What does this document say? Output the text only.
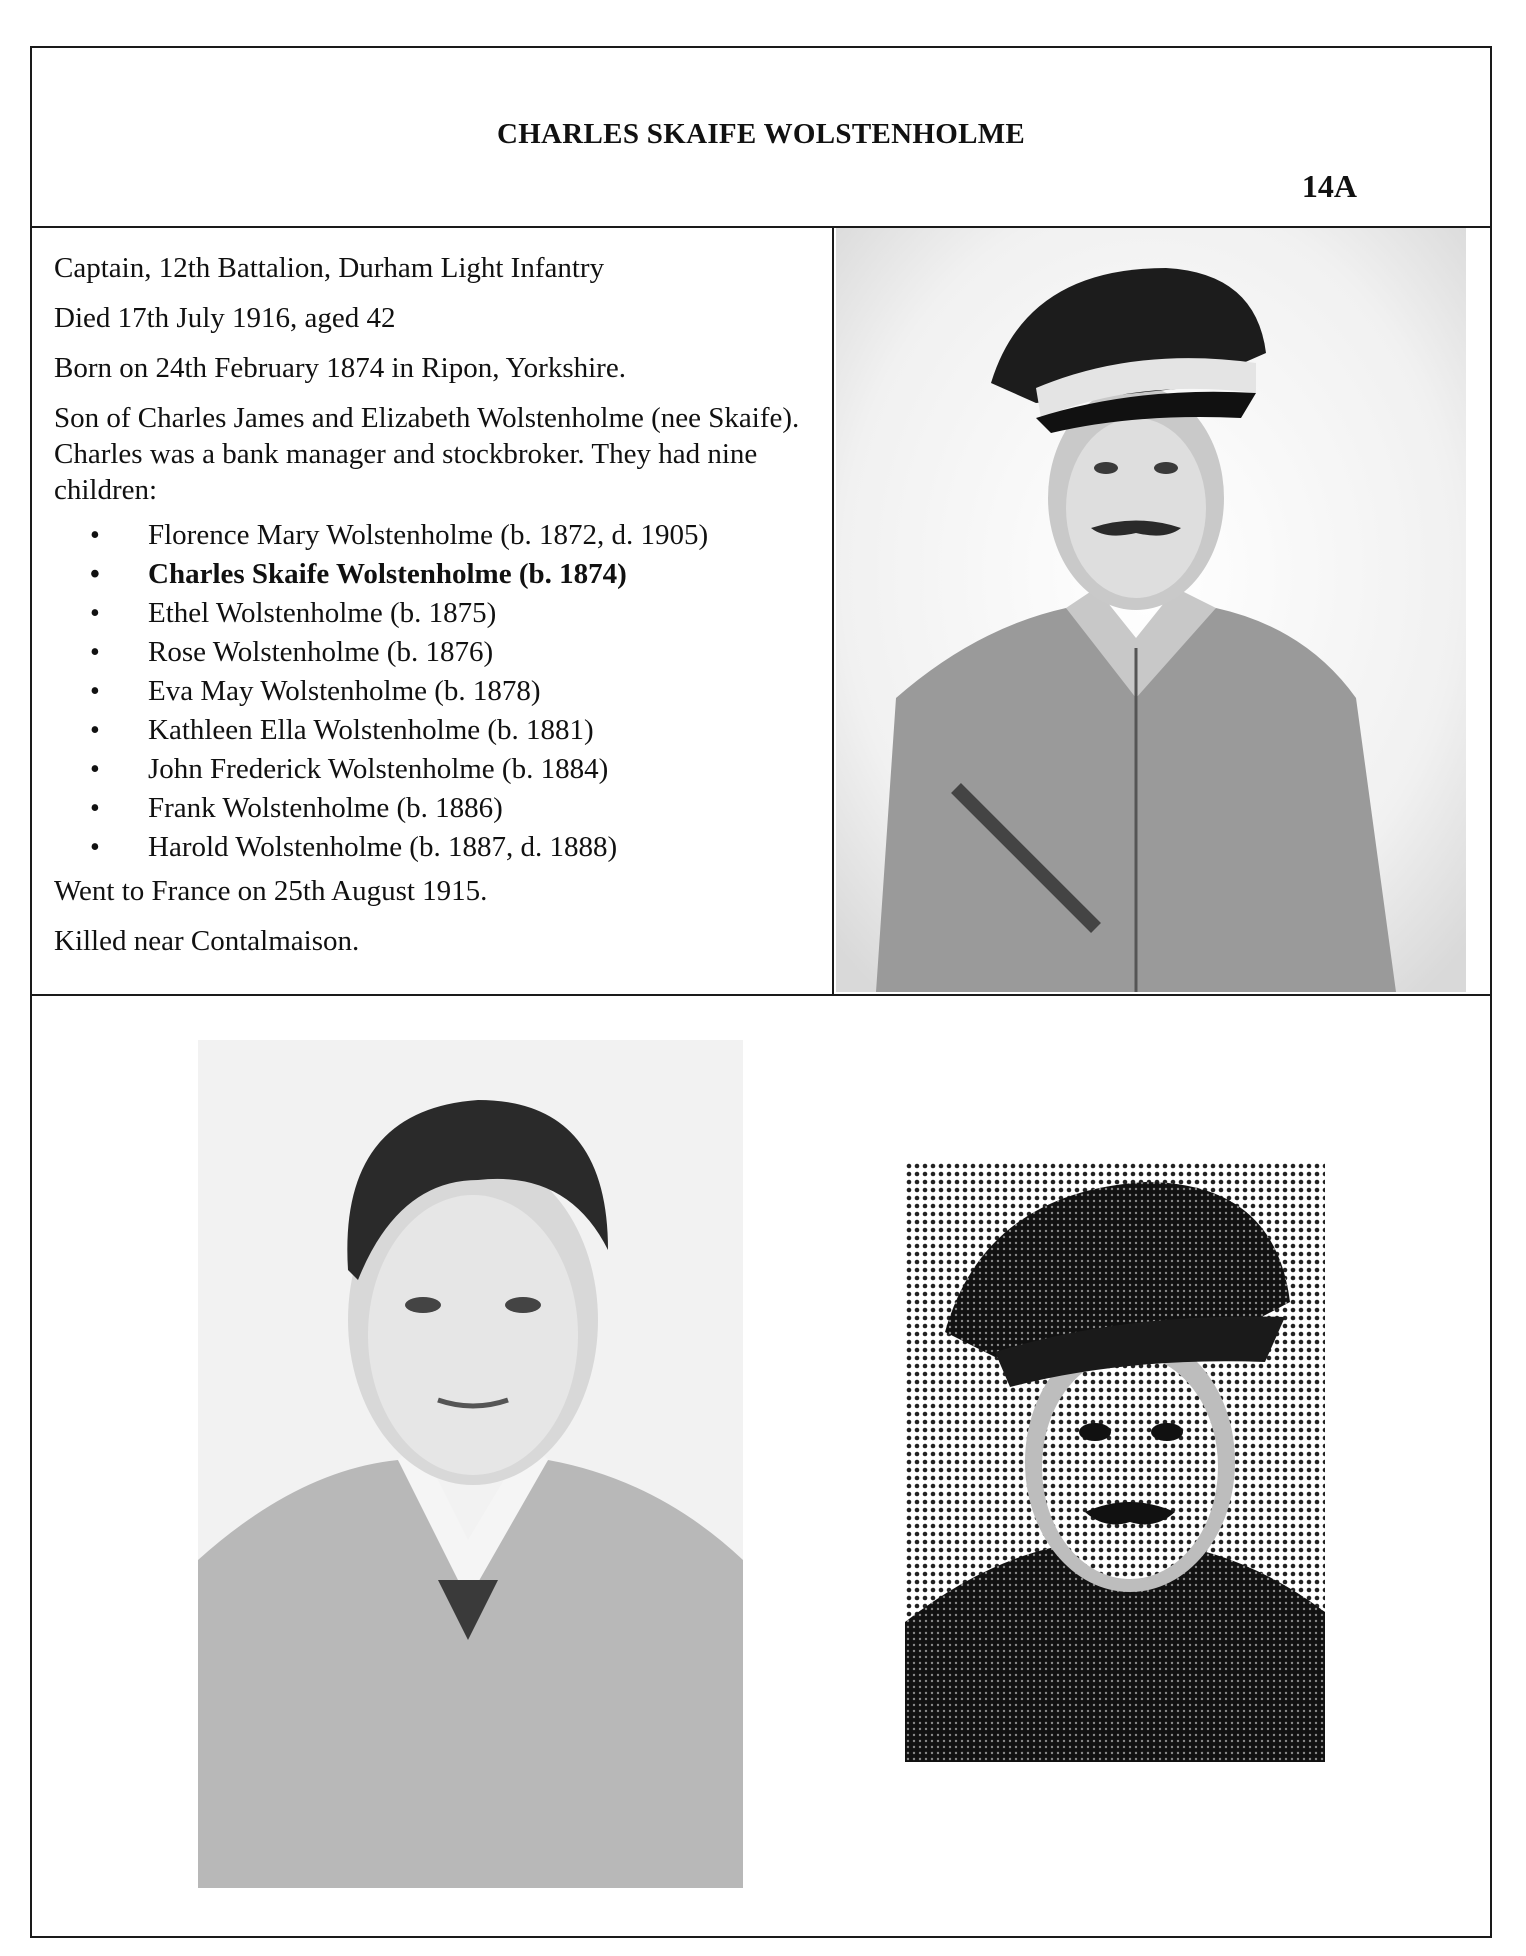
CHARLES SKAIFE WOLSTENHOLME
14A

Captain, 12th Battalion, Durham Light Infantry

Died 17th July 1916, aged 42

Born on 24th February 1874 in Ripon, Yorkshire.

Son of Charles James and Elizabeth Wolstenholme (nee Skaife). Charles was a bank manager and stockbroker. They had nine children:

• Florence Mary Wolstenholme (b. 1872, d. 1905)
• Charles Skaife Wolstenholme (b. 1874)
• Ethel Wolstenholme (b. 1875)
• Rose Wolstenholme (b. 1876)
• Eva May Wolstenholme (b. 1878)
• Kathleen Ella Wolstenholme (b. 1881)
• John Frederick Wolstenholme (b. 1884)
• Frank Wolstenholme (b. 1886)
• Harold Wolstenholme (b. 1887, d. 1888)

Went to France on 25th August 1915.

Killed near Contalmaison.
